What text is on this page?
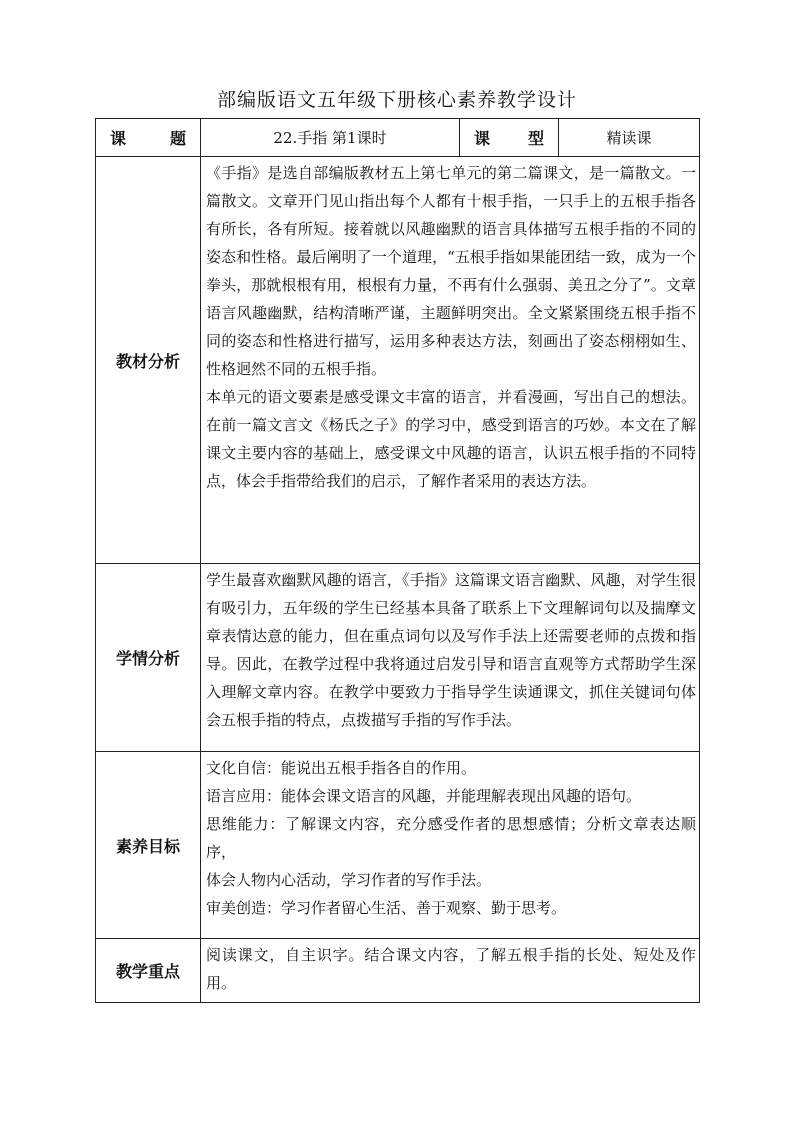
部编版语文五年级下册核心素养教学设计
课　题	22.手指 第1课时	课　型	精读课
教材分析	《手指》是选自部编版教材五上第七单元的第二篇课文，是一篇散文。一篇散文。文章开门见山指出每个人都有十根手指，一只手上的五根手指各有所长，各有所短。接着就以风趣幽默的语言具体描写五根手指的不同的姿态和性格。最后阐明了一个道理，“五根手指如果能团结一致，成为一个拳头，那就根根有用，根根有力量，不再有什么强弱、美丑之分了”。文章语言风趣幽默，结构清晰严谨，主题鲜明突出。全文紧紧围绕五根手指不同的姿态和性格进行描写，运用多种表达方法，刻画出了姿态栩栩如生、性格迥然不同的五根手指。

本单元的语文要素是感受课文丰富的语言，并看漫画，写出自己的想法。在前一篇文言文《杨氏之子》的学习中，感受到语言的巧妙。本文在了解课文主要内容的基础上，感受课文中风趣的语言，认识五根手指的不同特点，体会手指带给我们的启示，了解作者采用的表达方法。		

学情分析	学生最喜欢幽默风趣的语言，《手指》这篇课文语言幽默、风趣，对学生很有吸引力，五年级的学生已经基本具备了联系上下文理解词句以及揣摩文章表情达意的能力，但在重点词句以及写作手法上还需要老师的点拨和指导。因此，在教学过程中我将通过启发引导和语言直观等方式帮助学生深入理解文章内容。在教学中要致力于指导学生读通课文，抓住关键词句体会五根手指的特点，点拨描写手指的写作手法。		

素养目标	文化自信：能说出五根手指各自的作用。

语言应用：能体会课文语言的风趣，并能理解表现出风趣的语句。

思维能力：了解课文内容，充分感受作者的思想感情；分析文章表达顺序，

体会人物内心活动，学习作者的写作手法。

审美创造：学习作者留心生活、善于观察、勤于思考。		

教学重点	阅读课文，自主识字。结合课文内容，了解五根手指的长处、短处及作用。		
